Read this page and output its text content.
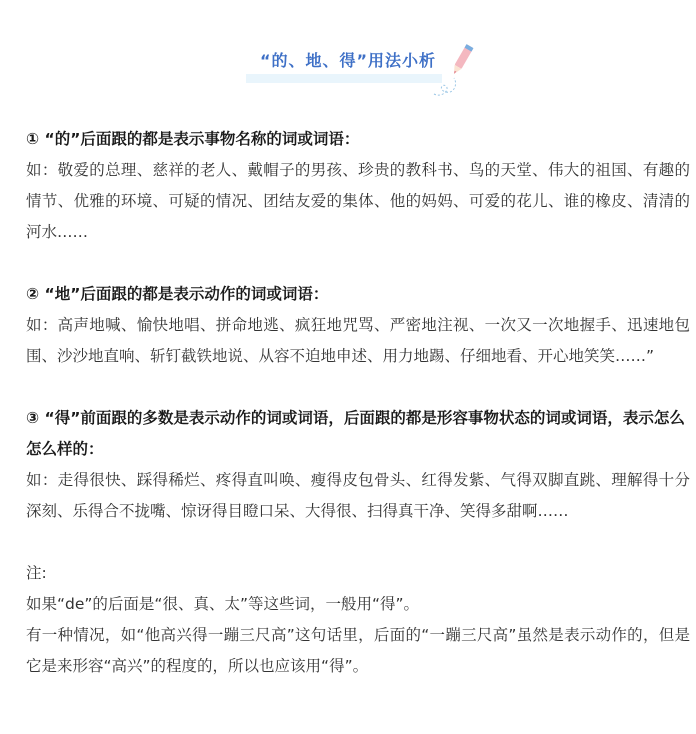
“的、地、得”用法小析

① “的”后面跟的都是表示事物名称的词或词语：

如：敬爱的总理、慈祥的老人、戴帽子的男孩、珍贵的教科书、鸟的天堂、伟大的祖国、有趣的情节、优雅的环境、可疑的情况、团结友爱的集体、他的妈妈、可爱的花儿、谁的橡皮、清清的河水……

② “地”后面跟的都是表示动作的词或词语：

如：高声地喊、愉快地唱、拼命地逃、疯狂地咒骂、严密地注视、一次又一次地握手、迅速地包围、沙沙地直响、斩钉截铁地说、从容不迫地申述、用力地踢、仔细地看、开心地笑笑……”

③ “得”前面跟的多数是表示动作的词或词语，后面跟的都是形容事物状态的词或词语，表示怎么怎么样的：

如：走得很快、踩得稀烂、疼得直叫唤、瘦得皮包骨头、红得发紫、气得双脚直跳、理解得十分深刻、乐得合不拢嘴、惊讶得目瞪口呆、大得很、扫得真干净、笑得多甜啊……

注:

如果“de”的后面是“很、真、太”等这些词，一般用“得”。

有一种情况，如“他高兴得一蹦三尺高”这句话里，后面的“一蹦三尺高”虽然是表示动作的，但是它是来形容“高兴”的程度的，所以也应该用“得”。
